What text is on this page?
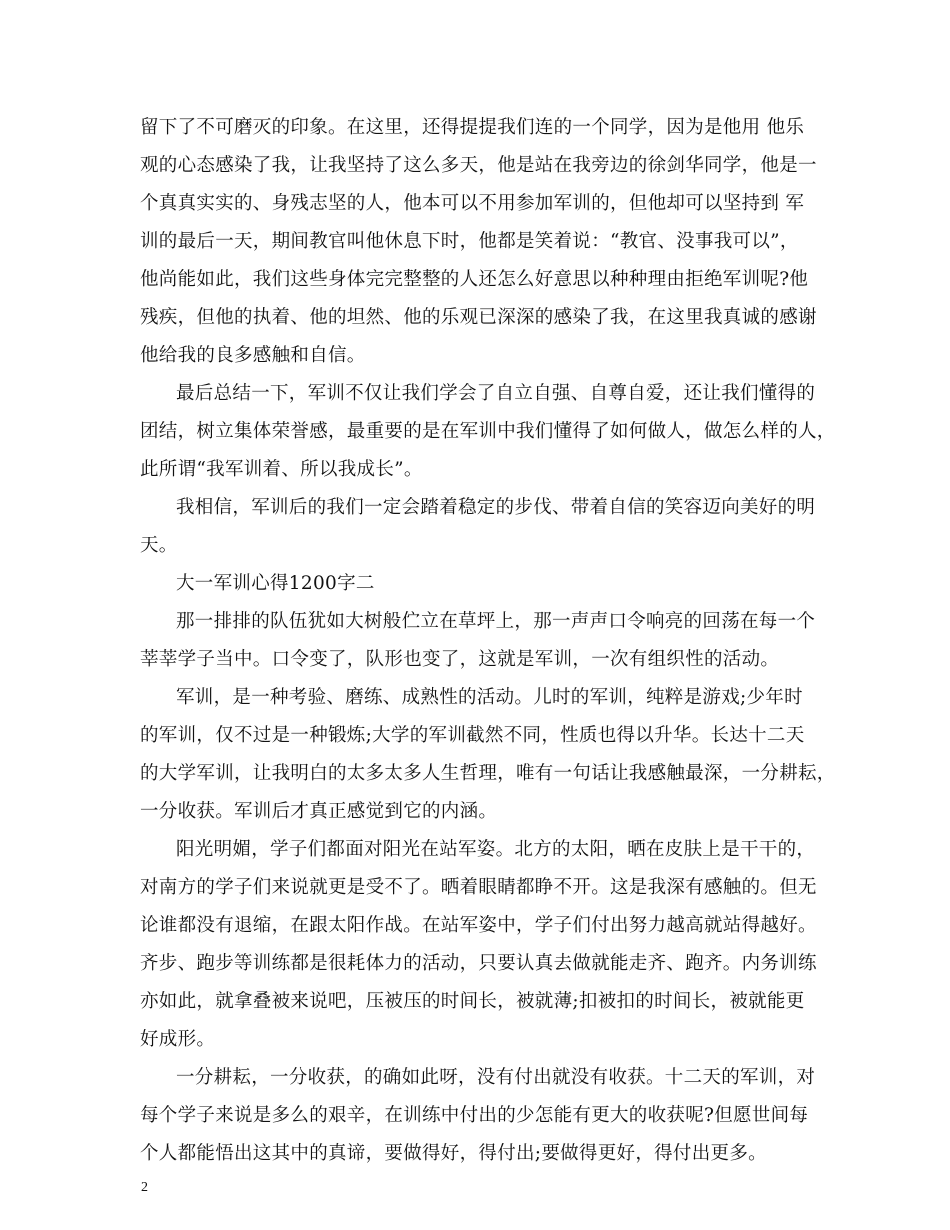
留下了不可磨灭的印象。在这里，还得提提我们连的一个同学，因为是他用 他乐
观的心态感染了我，让我坚持了这么多天，他是站在我旁边的徐剑华同学，他是一
个真真实实的、身残志坚的人，他本可以不用参加军训的，但他却可以坚持到 军
训的最后一天，期间教官叫他休息下时，他都是笑着说：“教官、没事我可以”，
他尚能如此，我们这些身体完完整整的人还怎么好意思以种种理由拒绝军训呢?他
残疾，但他的执着、他的坦然、他的乐观已深深的感染了我，在这里我真诚的感谢
他给我的良多感触和自信。
最后总结一下，军训不仅让我们学会了自立自强、自尊自爱，还让我们懂得的
团结，树立集体荣誉感，最重要的是在军训中我们懂得了如何做人，做怎么样的人，
此所谓“我军训着、所以我成长”。
我相信，军训后的我们一定会踏着稳定的步伐、带着自信的笑容迈向美好的明
天。
大一军训心得1200字二
那一排排的队伍犹如大树般伫立在草坪上，那一声声口令响亮的回荡在每一个
莘莘学子当中。口令变了，队形也变了，这就是军训，一次有组织性的活动。
军训，是一种考验、磨练、成熟性的活动。儿时的军训，纯粹是游戏;少年时
的军训，仅不过是一种锻炼;大学的军训截然不同，性质也得以升华。长达十二天
的大学军训，让我明白的太多太多人生哲理，唯有一句话让我感触最深，一分耕耘，
一分收获。军训后才真正感觉到它的内涵。
阳光明媚，学子们都面对阳光在站军姿。北方的太阳，晒在皮肤上是干干的，
对南方的学子们来说就更是受不了。晒着眼睛都睁不开。这是我深有感触的。但无
论谁都没有退缩，在跟太阳作战。在站军姿中，学子们付出努力越高就站得越好。
齐步、跑步等训练都是很耗体力的活动，只要认真去做就能走齐、跑齐。内务训练
亦如此，就拿叠被来说吧，压被压的时间长，被就薄;扣被扣的时间长，被就能更
好成形。
一分耕耘，一分收获，的确如此呀，没有付出就没有收获。十二天的军训，对
每个学子来说是多么的艰辛，在训练中付出的少怎能有更大的收获呢?但愿世间每
个人都能悟出这其中的真谛，要做得好，得付出;要做得更好，得付出更多。
2
